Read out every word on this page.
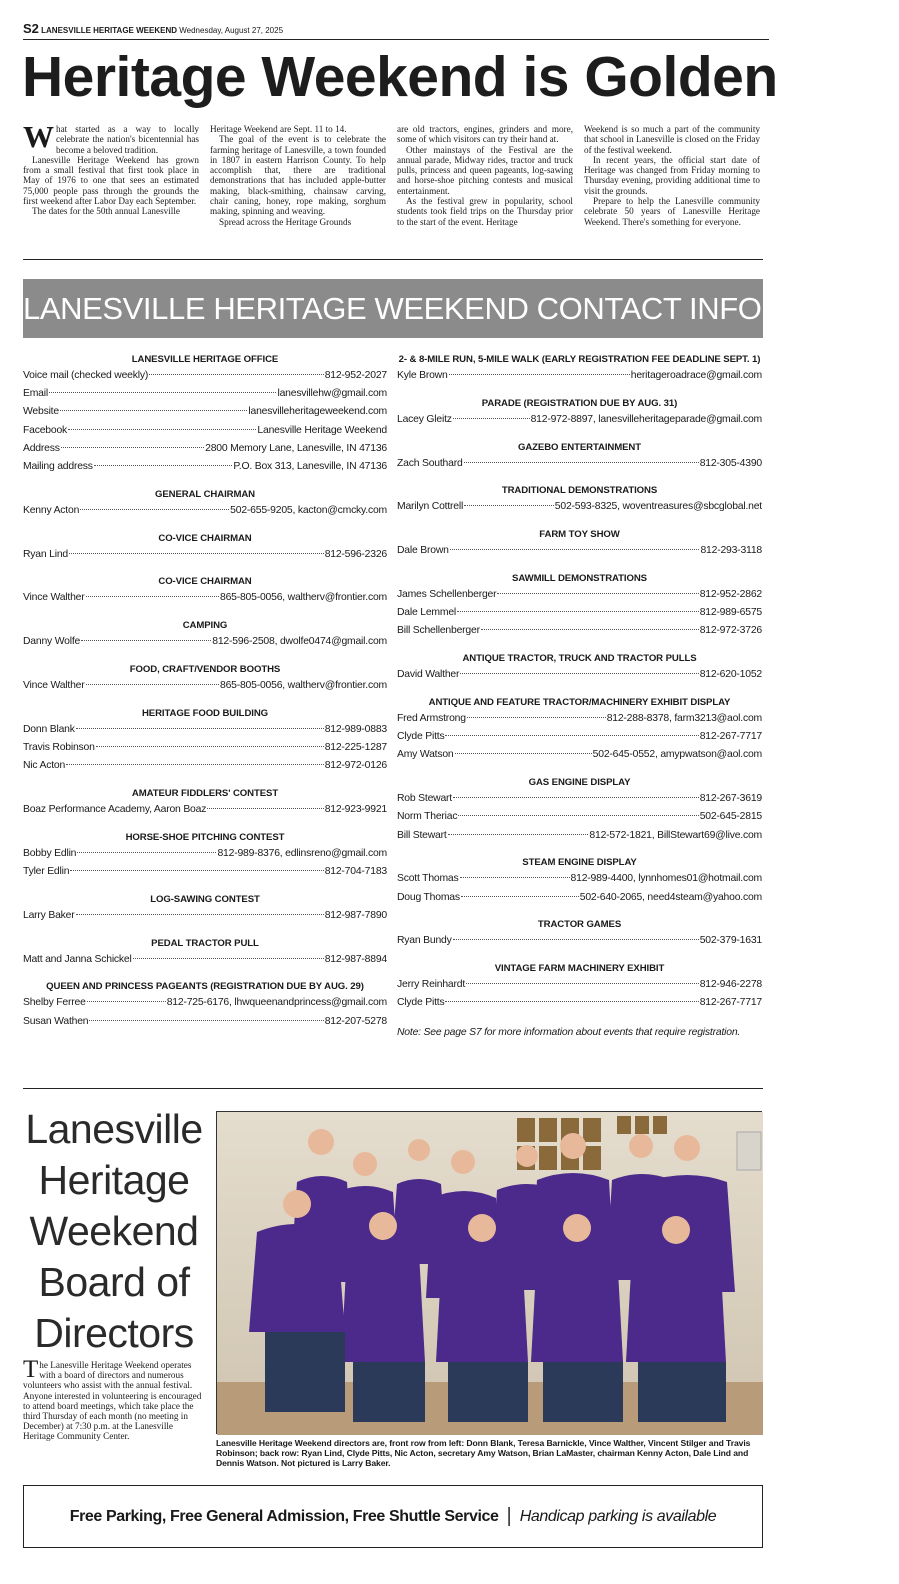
S2 LANESVILLE HERITAGE WEEKEND Wednesday, August 27, 2025
Heritage Weekend is Golden

What started as a way to locally celebrate the nation's bicentennial has become a beloved tradition.

Lanesville Heritage Weekend has grown from a small festival that first took place in May of 1976 to one that sees an estimated 75,000 people pass through the grounds the first weekend after Labor Day each September.

The dates for the 50th annual Lanesville

Heritage Weekend are Sept. 11 to 14.

The goal of the event is to celebrate the farming heritage of Lanesville, a town founded in 1807 in eastern Harrison County. To help accomplish that, there are traditional demonstrations that has included apple-butter making, black-smithing, chainsaw carving, chair caning, honey, rope making, sorghum making, spinning and weaving.

Spread across the Heritage Grounds

are old tractors, engines, grinders and more, some of which visitors can try their hand at.

Other mainstays of the Festival are the annual parade, Midway rides, tractor and truck pulls, princess and queen pageants, log-sawing and horse-shoe pitching contests and musical entertainment.

As the festival grew in popularity, school students took field trips on the Thursday prior to the start of the event. Heritage

Weekend is so much a part of the community that school in Lanesville is closed on the Friday of the festival weekend.

In recent years, the official start date of Heritage was changed from Friday morning to Thursday evening, providing additional time to visit the grounds.

Prepare to help the Lanesville community celebrate 50 years of Lanesville Heritage Weekend. There's something for everyone.

LANESVILLE HERITAGE WEEKEND CONTACT INFORMATION
LANESVILLE HERITAGE OFFICE
Voice mail (checked weekly)	812-952-2027
Email	lanesvillehw@gmail.com
Website	lanesvilleheritageweekend.com
Facebook	Lanesville Heritage Weekend
Address	2800 Memory Lane, Lanesville, IN 47136
Mailing address	P.O. Box 313, Lanesville, IN 47136
GENERAL CHAIRMAN
Kenny Acton	502-655-9205, kacton@cmcky.com
CO-VICE CHAIRMAN
Ryan Lind	812-596-2326
CO-VICE CHAIRMAN
Vince Walther	865-805-0056, waltherv@frontier.com
CAMPING
Danny Wolfe	812-596-2508, dwolfe0474@gmail.com
FOOD, CRAFT/VENDOR BOOTHS
Vince Walther	865-805-0056, waltherv@frontier.com
HERITAGE FOOD BUILDING
Donn Blank	812-989-0883
Travis Robinson	812-225-1287
Nic Acton	812-972-0126
AMATEUR FIDDLERS' CONTEST
Boaz Performance Academy, Aaron Boaz	812-923-9921
HORSE-SHOE PITCHING CONTEST
Bobby Edlin	812-989-8376, edlinsreno@gmail.com
Tyler Edlin	812-704-7183
LOG-SAWING CONTEST
Larry Baker	812-987-7890
PEDAL TRACTOR PULL
Matt and Janna Schickel	812-987-8894
QUEEN AND PRINCESS PAGEANTS (REGISTRATION DUE BY AUG. 29)
Shelby Ferree	812-725-6176, lhwqueenandprincess@gmail.com
Susan Wathen	812-207-5278
2- & 8-MILE RUN, 5-MILE WALK (EARLY REGISTRATION FEE DEADLINE SEPT. 1)
Kyle Brown	heritageroadrace@gmail.com
PARADE (REGISTRATION DUE BY AUG. 31)
Lacey Gleitz	812-972-8897, lanesvilleheritageparade@gmail.com
GAZEBO ENTERTAINMENT
Zach Southard	812-305-4390
TRADITIONAL DEMONSTRATIONS
Marilyn Cottrell	502-593-8325, woventreasures@sbcglobal.net
FARM TOY SHOW
Dale Brown	812-293-3118
SAWMILL DEMONSTRATIONS
James Schellenberger	812-952-2862
Dale Lemmel	812-989-6575
Bill Schellenberger	812-972-3726
ANTIQUE TRACTOR, TRUCK AND TRACTOR PULLS
David Walther	812-620-1052
ANTIQUE AND FEATURE TRACTOR/MACHINERY EXHIBIT DISPLAY
Fred Armstrong	812-288-8378, farm3213@aol.com
Clyde Pitts	812-267-7717
Amy Watson	502-645-0552, amypwatson@aol.com
GAS ENGINE DISPLAY
Rob Stewart	812-267-3619
Norm Theriac	502-645-2815
Bill Stewart	812-572-1821, BillStewart69@live.com
STEAM ENGINE DISPLAY
Scott Thomas	812-989-4400, lynnhomes01@hotmail.com
Doug Thomas	502-640-2065, need4steam@yahoo.com
TRACTOR GAMES
Ryan Bundy	502-379-1631
VINTAGE FARM MACHINERY EXHIBIT
Jerry Reinhardt	812-946-2278
Clyde Pitts	812-267-7717
Note: See page S7 for more information about events that require registration.
Lanesville
Heritage
Weekend
Board of
Directors
The Lanesville Heritage Weekend operates with a board of directors and numerous volunteers who assist with the annual festival. Anyone interested in volunteering is encouraged to attend board meetings, which take place the third Thursday of each month (no meeting in December) at 7:30 p.m. at the Lanesville Heritage Community Center.
Lanesville Heritage Weekend directors are, front row from left: Donn Blank, Teresa Barnickle, Vince Walther, Vincent Stilger and Travis Robinson; back row: Ryan Lind, Clyde Pitts, Nic Acton, secretary Amy Watson, Brian LaMaster, chairman Kenny Acton, Dale Lind and Dennis Watson. Not pictured is Larry Baker.
Free Parking, Free General Admission, Free Shuttle Service | Handicap parking is available
